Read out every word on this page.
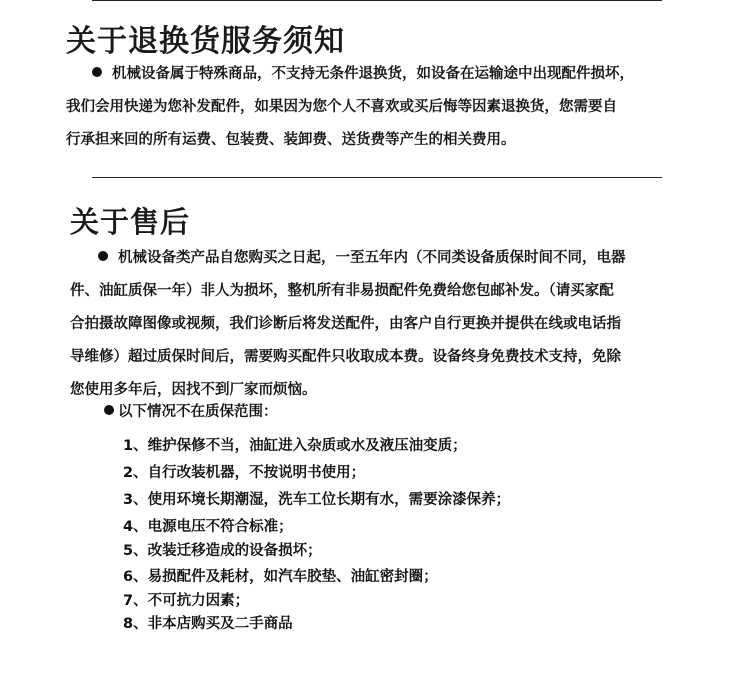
关于退换货服务须知
机械设备属于特殊商品，不支持无条件退换货，如设备在运输途中出现配件损坏，
我们会用快递为您补发配件，如果因为您个人不喜欢或买后悔等因素退换货，您需要自
行承担来回的所有运费、包装费、装卸费、送货费等产生的相关费用。
关于售后
机械设备类产品自您购买之日起，一至五年内（不同类设备质保时间不同，电器
件、油缸质保一年）非人为损坏，整机所有非易损配件免费给您包邮补发。（请买家配
合拍摄故障图像或视频，我们诊断后将发送配件，由客户自行更换并提供在线或电话指
导维修）超过质保时间后，需要购买配件只收取成本费。设备终身免费技术支持，免除
您使用多年后，因找不到厂家而烦恼。
以下情况不在质保范围：
1、维护保修不当，油缸进入杂质或水及液压油变质；
2、自行改装机器，不按说明书使用；
3、使用环境长期潮湿，洗车工位长期有水，需要涂漆保养；
4、电源电压不符合标准；
5、改装迁移造成的设备损坏；
6、易损配件及耗材，如汽车胶垫、油缸密封圈；
7、不可抗力因素；
8、非本店购买及二手商品
